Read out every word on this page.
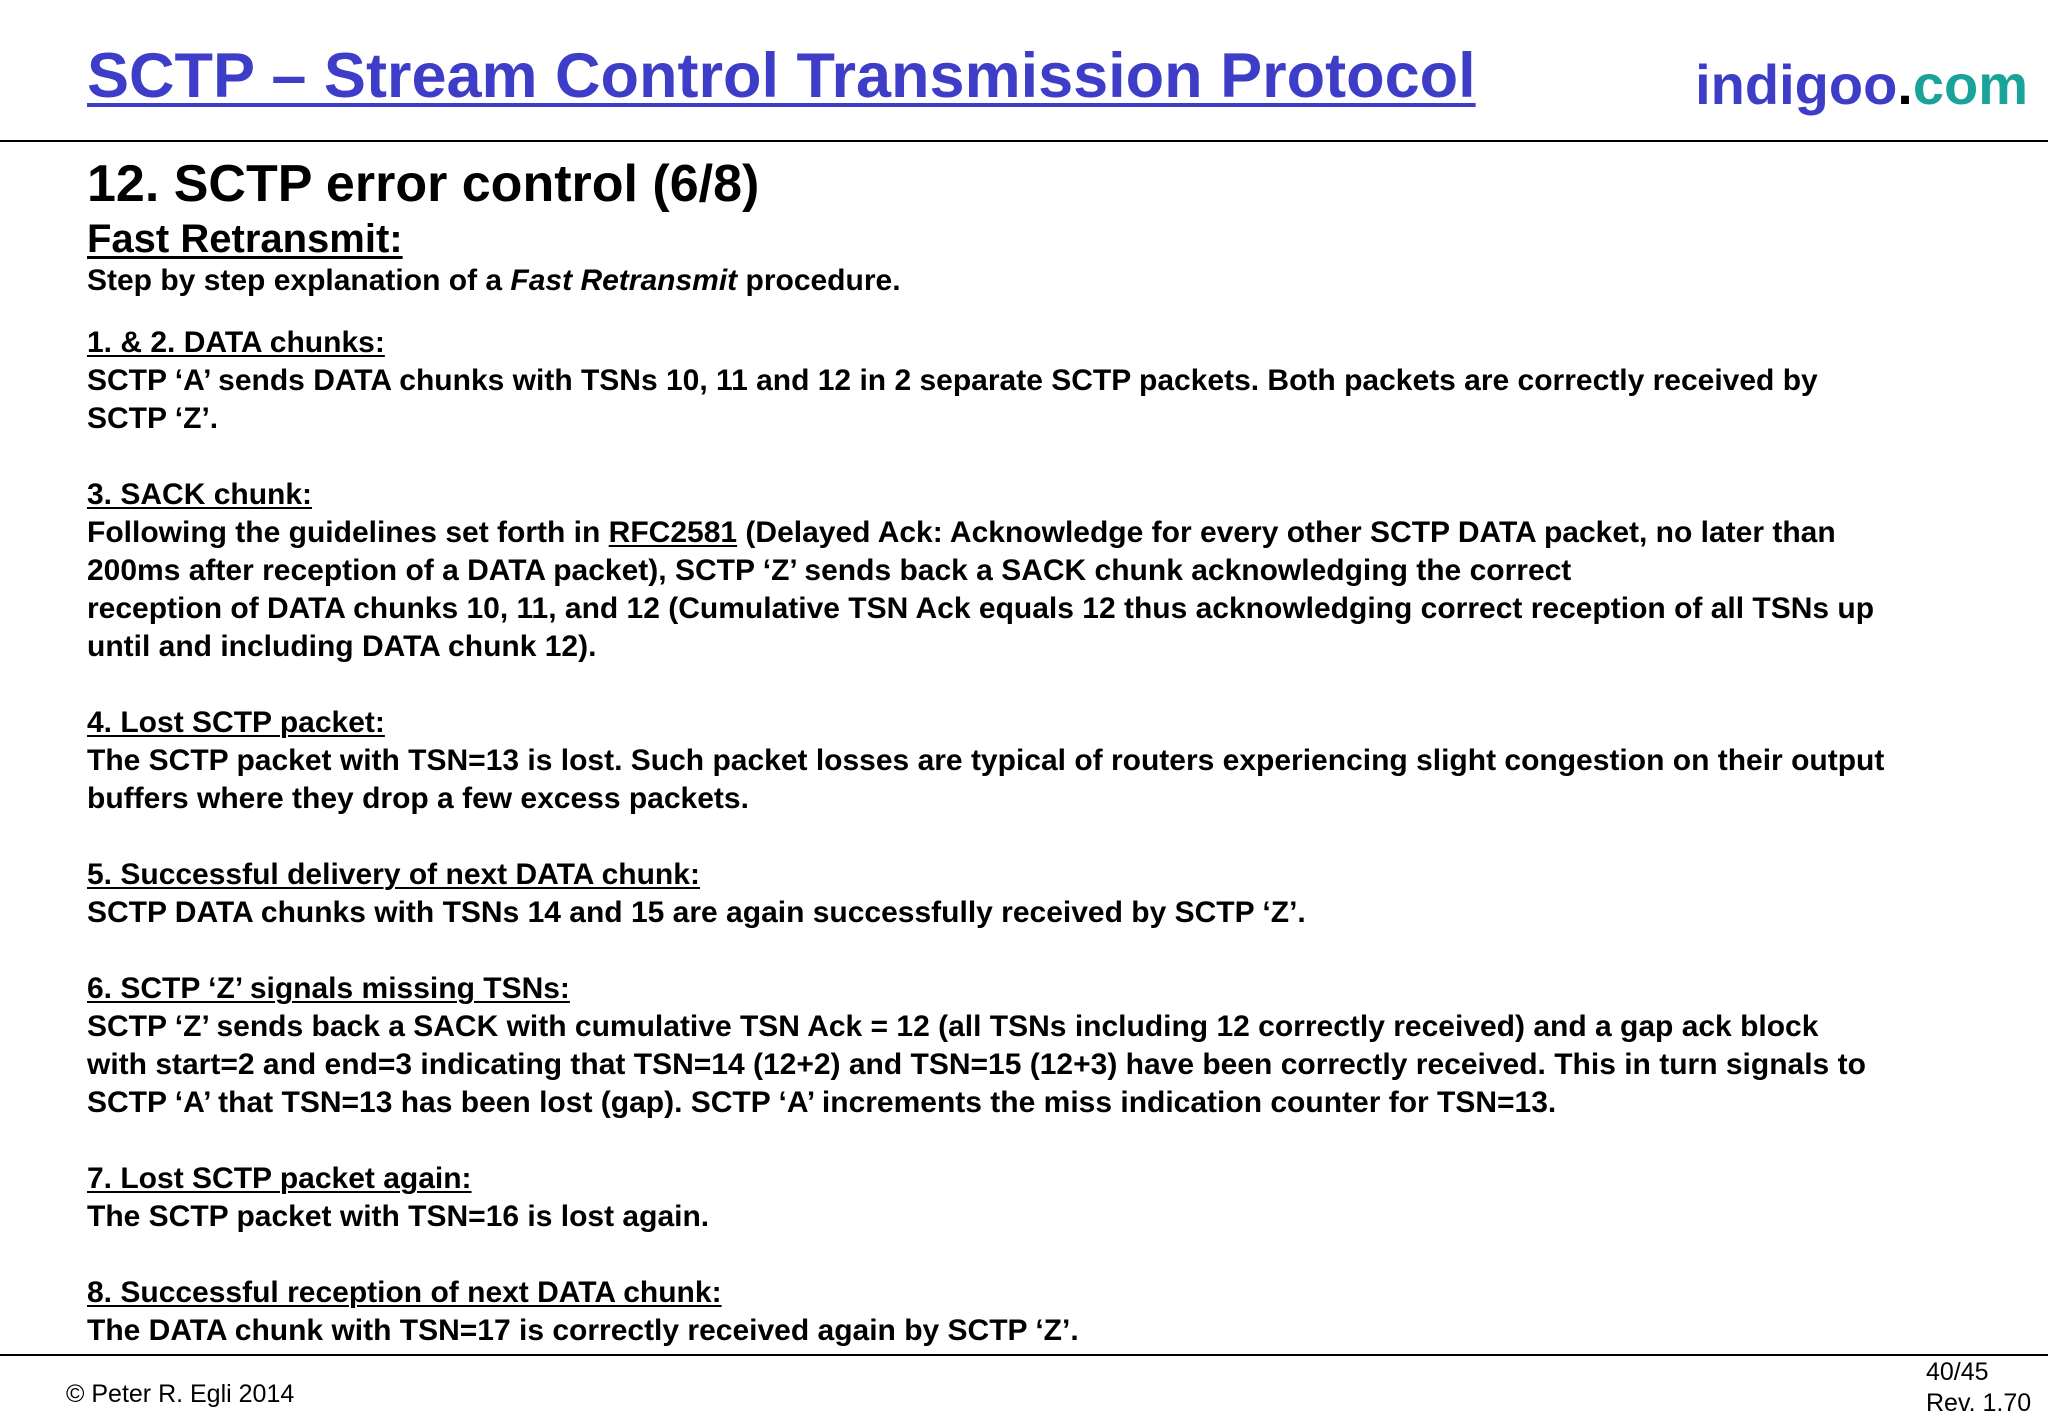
SCTP – Stream Control Transmission Protocol	indigoo.com
12. SCTP error control (6/8)
Fast Retransmit:

Step by step explanation of a Fast Retransmit procedure.

1. & 2. DATA chunks:
SCTP ‘A’ sends DATA chunks with TSNs 10, 11 and 12 in 2 separate SCTP packets. Both packets are correctly received by
SCTP ‘Z’.
3. SACK chunk:
Following the guidelines set forth in RFC2581 (Delayed Ack: Acknowledge for every other SCTP DATA packet, no later than
200ms after reception of a DATA packet), SCTP ‘Z’ sends back a SACK chunk acknowledging the correct
reception of DATA chunks 10, 11, and 12 (Cumulative TSN Ack equals 12 thus acknowledging correct reception of all TSNs up
until and including DATA chunk 12).
4. Lost SCTP packet:
The SCTP packet with TSN=13 is lost. Such packet losses are typical of routers experiencing slight congestion on their output
buffers where they drop a few excess packets.
5. Successful delivery of next DATA chunk:
SCTP DATA chunks with TSNs 14 and 15 are again successfully received by SCTP ‘Z’.
6. SCTP ‘Z’ signals missing TSNs:
SCTP ‘Z’ sends back a SACK with cumulative TSN Ack = 12 (all TSNs including 12 correctly received) and a gap ack block
with start=2 and end=3 indicating that TSN=14 (12+2) and TSN=15 (12+3) have been correctly received. This in turn signals to
SCTP ‘A’ that TSN=13 has been lost (gap). SCTP ‘A’ increments the miss indication counter for TSN=13.
7. Lost SCTP packet again:
The SCTP packet with TSN=16 is lost again.
8. Successful reception of next DATA chunk:
The DATA chunk with TSN=17 is correctly received again by SCTP ‘Z’.
© Peter R. Egli 2014
40/45
Rev. 1.70
